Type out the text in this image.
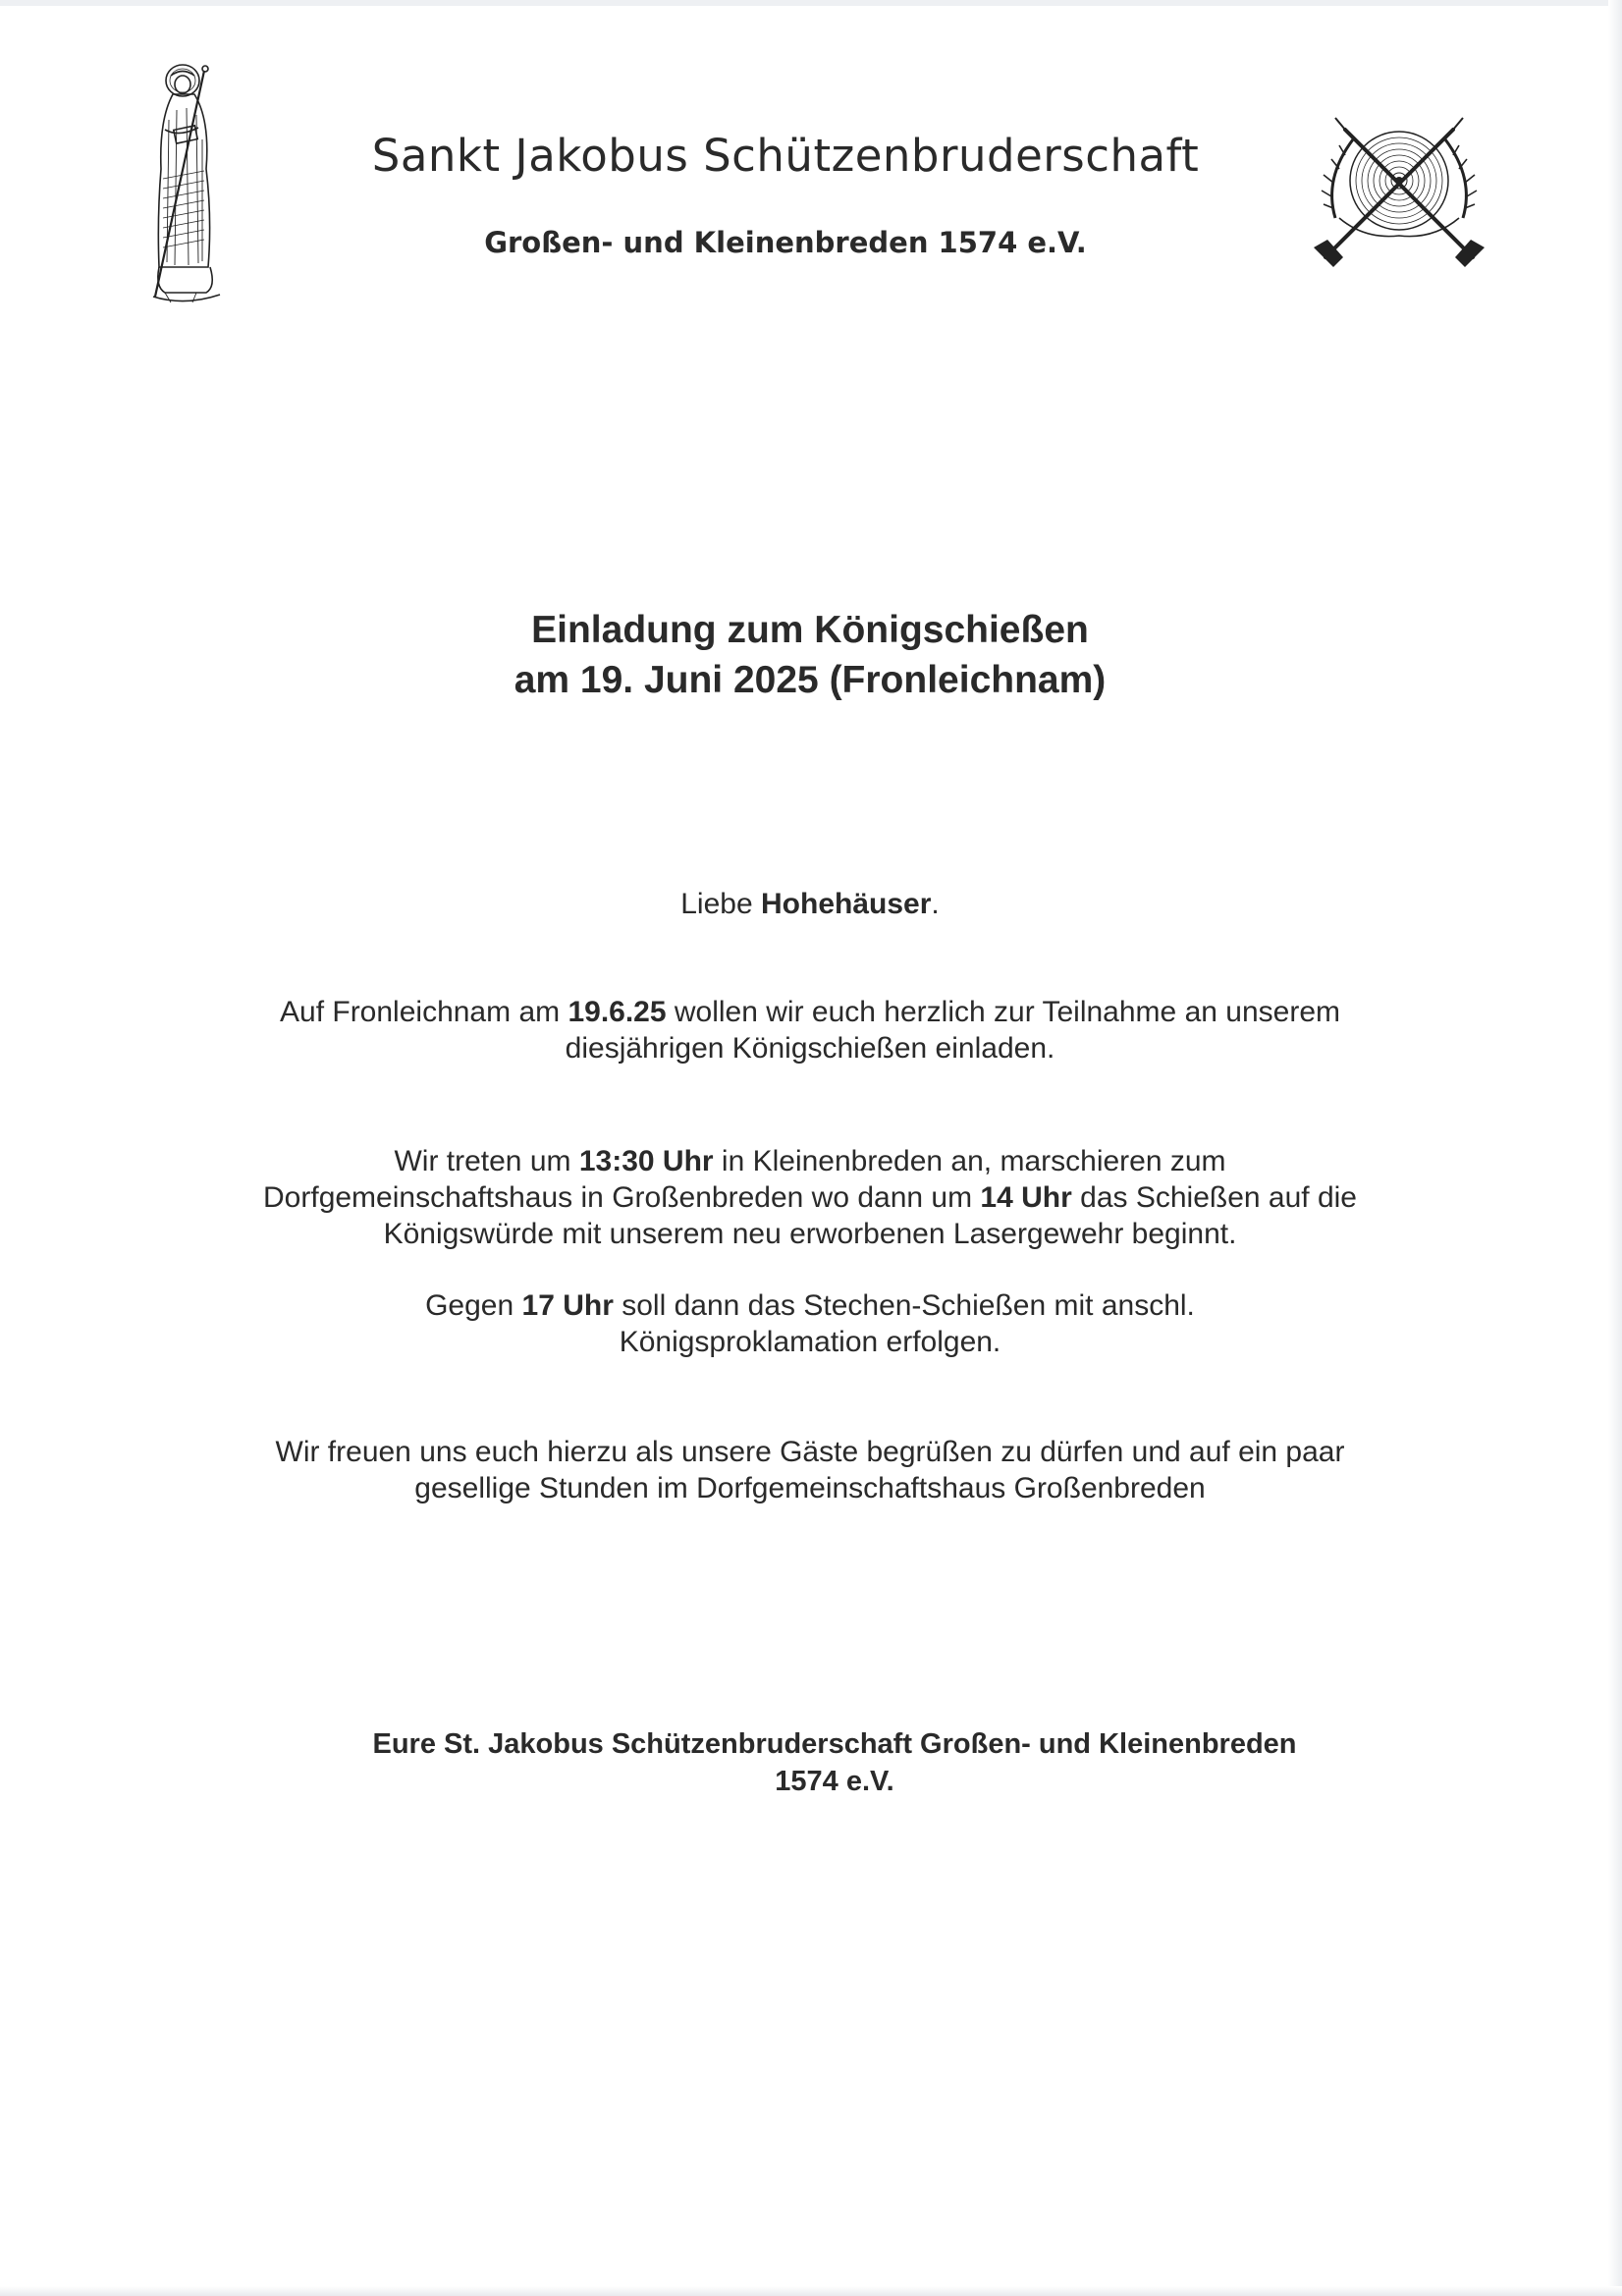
Sankt Jakobus Schützenbruderschaft
Großen- und Kleinenbreden 1574 e.V.
Einladung zum Königschießen
am 19. Juni 2025 (Fronleichnam)
Liebe Hohehäuser.
Auf Fronleichnam am 19.6.25 wollen wir euch herzlich zur Teilnahme an unserem
diesjährigen Königschießen einladen.
Wir treten um 13:30 Uhr in Kleinenbreden an, marschieren zum
Dorfgemeinschaftshaus in Großenbreden wo dann um 14 Uhr das Schießen auf die
Königswürde mit unserem neu erworbenen Lasergewehr beginnt.
Gegen 17 Uhr soll dann das Stechen-Schießen mit anschl.
Königsproklamation erfolgen.
Wir freuen uns euch hierzu als unsere Gäste begrüßen zu dürfen und auf ein paar
gesellige Stunden im Dorfgemeinschaftshaus Großenbreden
Eure St. Jakobus Schützenbruderschaft Großen- und Kleinenbreden
1574 e.V.
